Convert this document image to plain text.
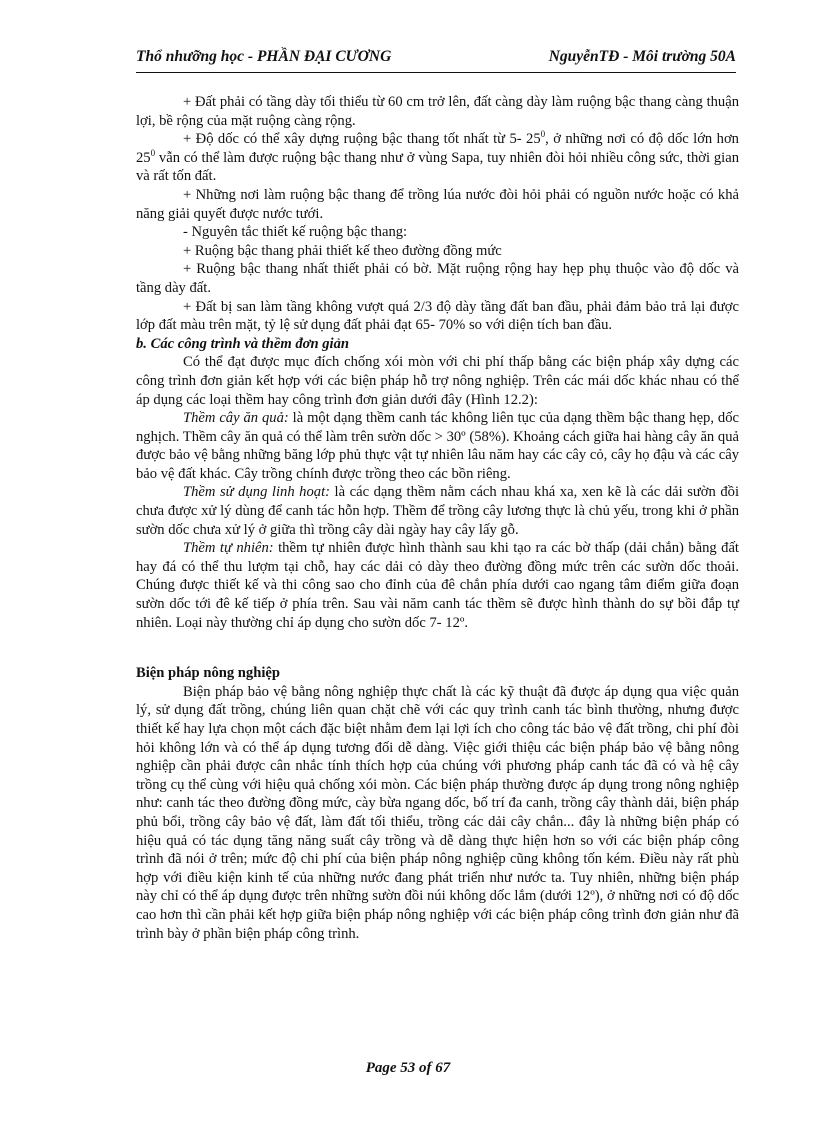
Thổ nhưỡng học - PHẦN ĐẠI CƯƠNG	NguyễnTĐ - Môi trường 50A

+ Đất phải có tầng dày tối thiểu từ 60 cm trở lên, đất càng dày làm ruộng bậc thang càng thuận lợi, bề rộng của mặt ruộng càng rộng.

+ Độ dốc có thể xây dựng ruộng bậc thang tốt nhất từ 5- $25^0$, ở những nơi có độ dốc lớn hơn $25^0$ vẫn có thể làm được ruộng bậc thang như ở vùng Sapa, tuy nhiên đòi hỏi nhiều công sức, thời gian và rất tốn đất.

+ Những nơi làm ruộng bậc thang để trồng lúa nước đòi hỏi phải có nguồn nước hoặc có khả năng giải quyết được nước tưới.

- Nguyên tắc thiết kế ruộng bậc thang:

+ Ruộng bậc thang phải thiết kế theo đường đồng mức

+ Ruộng bậc thang nhất thiết phải có bờ. Mặt ruộng rộng hay hẹp phụ thuộc vào độ dốc và tầng dày đất.

+ Đất bị san làm tầng không vượt quá 2/3 độ dày tầng đất ban đầu, phải đảm bảo trả lại được lớp đất màu trên mặt, tỷ lệ sử dụng đất phải đạt 65- 70% so với diện tích ban đầu.

b. Các công trình và thềm đơn giản

Có thể đạt được mục đích chống xói mòn với chi phí thấp bằng các biện pháp xây dựng các công trình đơn giản kết hợp với các biện pháp hỗ trợ nông nghiệp. Trên các mái dốc khác nhau có thể áp dụng các loại thềm hay công trình đơn giản dưới đây (Hình 12.2):

Thềm cây ăn quả: là một dạng thềm canh tác không liên tục của dạng thềm bậc thang hẹp, dốc nghịch. Thềm cây ăn quả có thể làm trên sườn dốc > 30º (58%). Khoảng cách giữa hai hàng cây ăn quả được bảo vệ bằng những băng lớp phủ thực vật tự nhiên lâu năm hay các cây cỏ, cây họ đậu và các cây bảo vệ đất khác. Cây trồng chính được trồng theo các bồn riêng.

Thềm sử dụng linh hoạt: là các dạng thềm nằm cách nhau khá xa, xen kẽ là các dải sườn đồi chưa được xử lý dùng để canh tác hỗn hợp. Thềm để trồng cây lương thực là chủ yếu, trong khi ở phần sườn dốc chưa xử lý ở giữa thì trồng cây dài ngày hay cây lấy gỗ.

Thềm tự nhiên: thềm tự nhiên được hình thành sau khi tạo ra các bờ thấp (dải chắn) bằng đất hay đá có thể thu lượm tại chỗ, hay các dải cỏ dày theo đường đồng mức trên các sườn dốc thoải. Chúng được thiết kế và thi công sao cho đỉnh của đê chắn phía dưới cao ngang tâm điểm giữa đoạn sườn dốc tới đê kế tiếp ở phía trên. Sau vài năm canh tác thềm sẽ được hình thành do sự bồi đắp tự nhiên. Loại này thường chỉ áp dụng cho sườn dốc 7- 12º.

Biện pháp nông nghiệp

Biện pháp bảo vệ bằng nông nghiệp thực chất là các kỹ thuật đã được áp dụng qua việc quản lý, sử dụng đất trồng, chúng liên quan chặt chẽ với các quy trình canh tác bình thường, nhưng được thiết kế hay lựa chọn một cách đặc biệt nhằm đem lại lợi ích cho công tác bảo vệ đất trồng, chi phí đòi hỏi không lớn và có thể áp dụng tương đối dễ dàng. Việc giới thiệu các biện pháp bảo vệ bằng nông nghiệp cần phải được cân nhắc tính thích hợp của chúng với phương pháp canh tác đã có và hệ cây trồng cụ thể cùng với hiệu quả chống xói mòn. Các biện pháp thường được áp dụng trong nông nghiệp như: canh tác theo đường đồng mức, cày bừa ngang dốc, bố trí đa canh, trồng cây thành dải, biện pháp phủ bổi, trồng cây bảo vệ đất, làm đất tối thiểu, trồng các dải cây chắn... đây là những biện pháp có hiệu quả có tác dụng tăng năng suất cây trồng và dễ dàng thực hiện hơn so với các biện pháp công trình đã nói ở trên; mức độ chi phí của biện pháp nông nghiệp cũng không tốn kém. Điều này rất phù hợp với điều kiện kinh tế của những nước đang phát triển như nước ta. Tuy nhiên, những biện pháp này chỉ có thể áp dụng được trên những sườn đồi núi không dốc lắm (dưới 12º), ở những nơi có độ dốc cao hơn thì cần phải kết hợp giữa biện pháp nông nghiệp với các biện pháp công trình đơn giản như đã trình bày ở phần biện pháp công trình.

Page 53 of 67
